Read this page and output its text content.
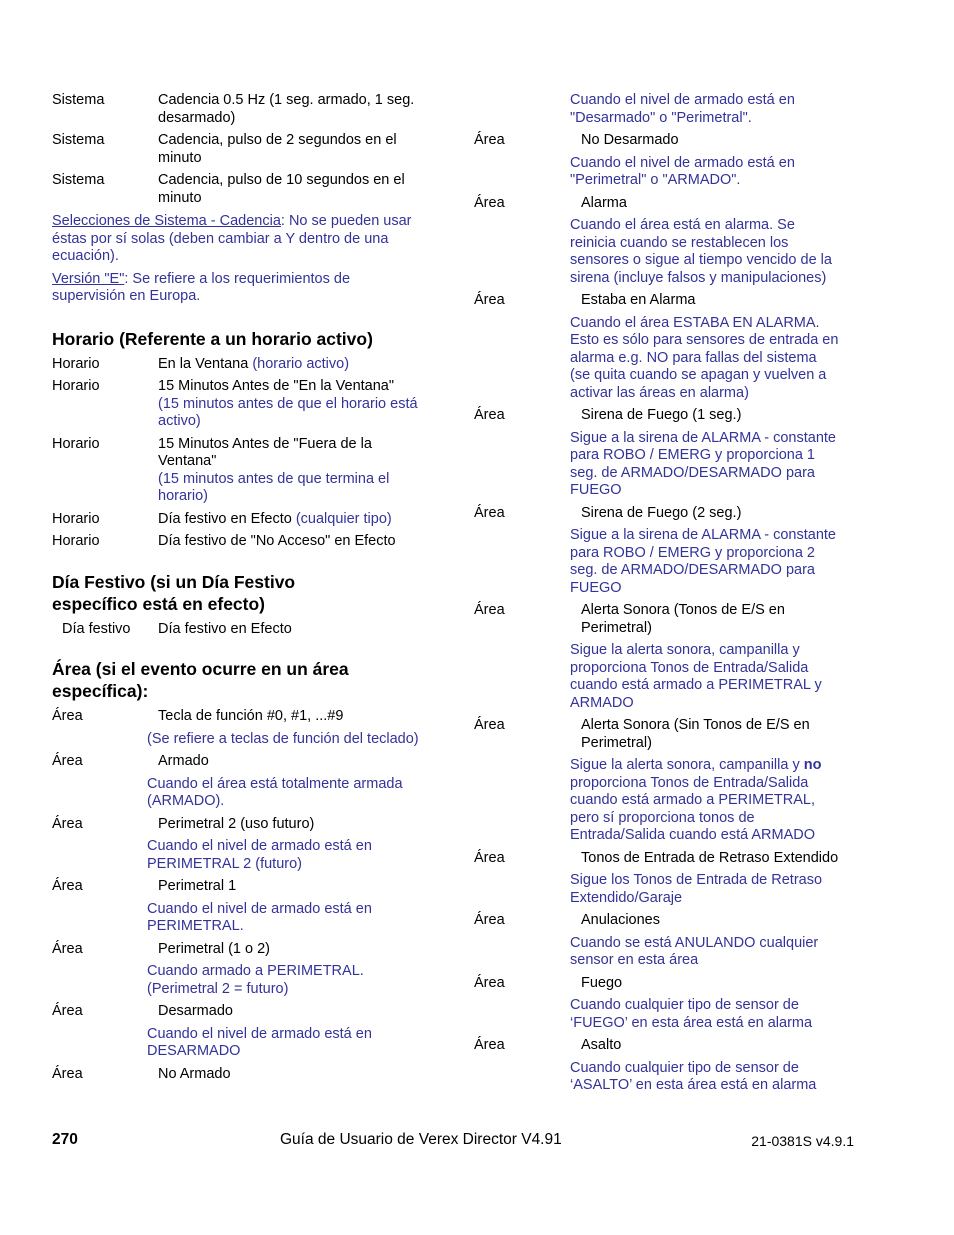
Sistema	Cadencia 0.5 Hz (1 seg. armado, 1 seg. desarmado)
Sistema	Cadencia, pulso de 2 segundos en el minuto
Sistema	Cadencia, pulso de 10 segundos en el minuto

Selecciones de Sistema - Cadencia: No se pueden usar éstas por sí solas (deben cambiar a Y dentro de una ecuación).

Versión "E": Se refiere a los requerimientos de supervisión en Europa.

Horario (Referente a un horario activo)
Horario	En la Ventana (horario activo)
Horario	15 Minutos Antes de "En la Ventana"
(15 minutos antes de que el horario está activo)
Horario	15 Minutos Antes de "Fuera de la Ventana"
(15 minutos antes de que termina el horario)
Horario	Día festivo en Efecto (cualquier tipo)
Horario	Día festivo de "No Acceso" en Efecto
Día Festivo (si un Día Festivo específico está en efecto)
Día festivo	Día festivo en Efecto
Área (si el evento ocurre en un área específica):
Área	Tecla de función #0, #1, ...#9

(Se refiere a teclas de función del teclado)

Área	Armado

Cuando el área está totalmente armada (ARMADO).

Área	Perimetral 2 (uso futuro)

Cuando el nivel de armado está en PERIMETRAL 2 (futuro)

Área	Perimetral 1

Cuando el nivel de armado está en PERIMETRAL.

Área	Perimetral (1 o 2)

Cuando armado a PERIMETRAL. (Perimetral 2 = futuro)

Área	Desarmado

Cuando el nivel de armado está en DESARMADO

Área	No Armado

Cuando el nivel de armado está en "Desarmado" o "Perimetral".

Área	No Desarmado

Cuando el nivel de armado está en "Perimetral" o "ARMADO".

Área	Alarma

Cuando el área está en alarma. Se reinicia cuando se restablecen los sensores o sigue al tiempo vencido de la sirena (incluye falsos y manipulaciones)

Área	Estaba en Alarma

Cuando el área ESTABA EN ALARMA. Esto es sólo para sensores de entrada en alarma e.g. NO para fallas del sistema (se quita cuando se apagan y vuelven a activar las áreas en alarma)

Área	Sirena de Fuego (1 seg.)

Sigue a la sirena de ALARMA - constante para ROBO / EMERG y proporciona 1 seg. de ARMADO/DESARMADO para FUEGO

Área	Sirena de Fuego (2 seg.)

Sigue a la sirena de ALARMA - constante para ROBO / EMERG y proporciona 2 seg. de ARMADO/DESARMADO para FUEGO

Área	Alerta Sonora (Tonos de E/S en Perimetral)

Sigue la alerta sonora, campanilla y proporciona Tonos de Entrada/Salida cuando está armado a PERIMETRAL y ARMADO

Área	Alerta Sonora (Sin Tonos de E/S en Perimetral)

Sigue la alerta sonora, campanilla y no proporciona Tonos de Entrada/Salida cuando está armado a PERIMETRAL, pero sí proporciona tonos de Entrada/Salida cuando está ARMADO

Área	Tonos de Entrada de Retraso Extendido

Sigue los Tonos de Entrada de Retraso Extendido/Garaje

Área	Anulaciones

Cuando se está ANULANDO cualquier sensor en esta área

Área	Fuego

Cuando cualquier tipo de sensor de ‘FUEGO’ en esta área está en alarma

Área	Asalto

Cuando cualquier tipo de sensor de ‘ASALTO’ en esta área está en alarma

270	Guía de Usuario de Verex Director V4.91	21-0381S v4.9.1
